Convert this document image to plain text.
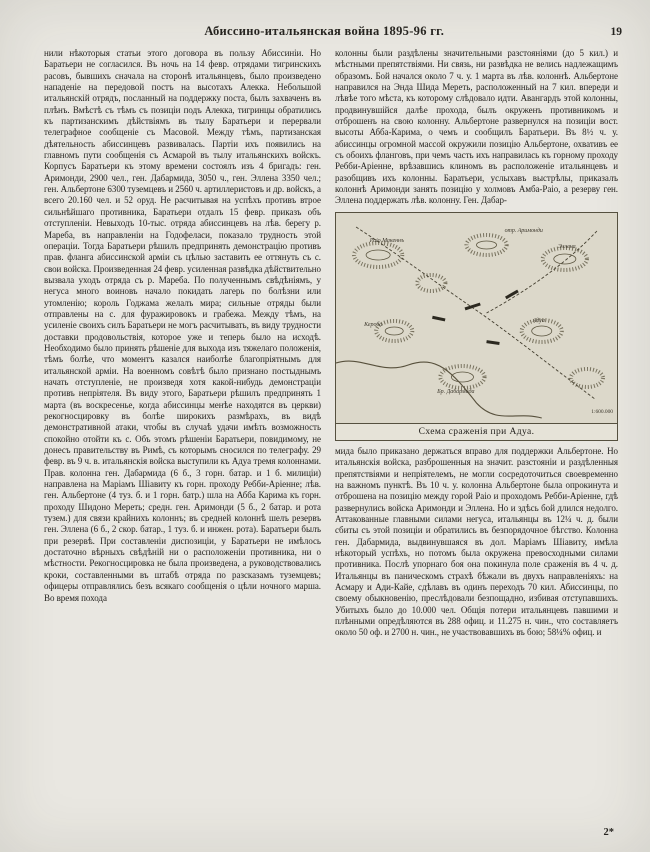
Абиссино-итальянская война 1895-96 гг.	19
нили нѣкоторыя статьи этого договора въ пользу Абиссиніи. Но Баратьери не согласился. Въ ночь на 14 февр. отрядами тигринскихъ расовъ, бывшихъ сначала на сторонѣ итальянцевъ, было произведено нападеніе на передовой постъ на высотахъ Алекка. Небольшой итальянскій отрядъ, посланный на поддержку поста, былъ захваченъ въ плѣнъ. Вмѣстѣ съ тѣмъ съ позиціи подъ Алекка, тигринцы обратились къ партизанскимъ дѣйствіямъ въ тылу Баратьери и перервали телеграфное сообщеніе съ Масовой. Между тѣмъ, партизанская дѣятельность абиссинцевъ развивалась. Партіи ихъ появились на главномъ пути сообщенія съ Асмарой въ тылу итальянскихъ войскъ. Корпусъ Баратьери къ этому времени состоялъ изъ 4 бригадъ: ген. Аримонди, 2900 чел., ген. Дабармида, 3050 ч., ген. Эллена 3350 чел.; ген. Альбертоне 6300 туземцевъ и 2560 ч. артиллеристовъ и др. войскъ, а всего 20.160 чел. и 52 оруд. Не расчитывая на успѣхъ противъ втрое сильнѣйшаго противника, Баратьери отдалъ 15 февр. приказъ объ отступленіи. Невыходъ 10-тыс. отряда абиссинцевъ на лѣв. берегу р. Мареба, въ направленіи на Годофеласи, показало трудность этой операціи. Тогда Баратьери рѣшилъ предпринять демонстрацію противъ прав. фланга абиссинской арміи съ цѣлью заставить ее оттянуть съ с. свои войска. Произведенная 24 февр. усиленная развѣдка дѣйствительно вызвала уходъ отряда съ р. Мареба. По полученнымъ свѣдѣніямъ, у негуса много воиновъ начало покидать лагерь по болѣзни или утомленію; король Годжама желалъ мира; сильные отряды были отправлены на с. для фуражировокъ и грабежа. Между тѣмъ, на усиленіе своихъ силъ Баратьери не могъ расчитывать, въ виду трудности доставки продовольствія, которое уже и теперь было на исходѣ. Необходимо было принять рѣшеніе для выхода изъ тяжелаго положенія, тѣмъ болѣе, что моментъ казался наиболѣе благопріятнымъ для итальянской арміи. На военномъ совѣтѣ было признано постыднымъ начать отступленіе, не произведя хотя какой-нибудь демонстраціи противъ непріятеля. Въ виду этого, Баратьери рѣшилъ предпринять 1 марта (въ воскресенье, когда абиссинцы менѣе находятся въ церкви) рекогносцировку въ болѣе широкихъ размѣрахъ, въ видѣ демонстративной атаки, чтобы въ случаѣ удачи имѣть возможность спокойно отойти къ с. Объ этомъ рѣшеніи Баратьери, повидимому, не донесъ правительству въ Римѣ, съ которымъ сносился по телеграфу. 29 февр. въ 9 ч. в. итальянскія войска выступили къ Адуа тремя колоннами. Прав. колонна ген. Дабармида (6 б., 3 горн. батар. и 1 б. милиціи) направлена на Маріамъ Шіавиту къ горн. проходу Ребби-Аріенне; лѣв. ген. Альбертоне (4 туз. б. и 1 горн. батр.) шла на Абба Карима къ горн. проходу Шидоно Мереть; средн. ген. Аримонди (5 б., 2 батар. и рота тузем.) для связи крайнихъ колоннъ; въ средней колоннѣ шелъ резервъ ген. Эллена (6 б., 2 скор. батар., 1 туз. б. и инжен. рота). Баратьери былъ при резервѣ. При составленіи диспозиціи, у Баратьери не имѣлось достаточно вѣрныхъ свѣдѣній ни о расположеніи противника, ни о мѣстности. Рекогносцировка не была произведена, а руководствовались кроки, составленными въ штабѣ отряда по разсказамъ туземцевъ; офицеры отправлялись безъ всякаго сообщенія о цѣли ночного марша. Во время похода
колонны были раздѣлены значительными разстояніями (до 5 кил.) и мѣстными препятствіями. Ни связь, ни развѣдка не велись надлежащимъ образомъ. Бой начался около 7 ч. у. 1 марта въ лѣв. колоннѣ. Альбертоне направился на Энда Шида Мереть, расположенный на 7 кил. впереди и лѣвѣе того мѣста, къ которому слѣдовало идти. Авангардъ этой колонны, продвинувшійся далѣе прохода, былъ окруженъ противникомъ и отброшенъ на свою колонну. Альбертоне развернулся на позиціи вост. высоты Абба-Карима, о чемъ и сообщилъ Баратьери. Въ 8½ ч. у. абиссинцы огромной массой окружили позицію Альбертоне, охвативъ ее съ обоихъ фланговъ, при чемъ часть ихъ направилась къ горному проходу Ребби-Аріенне, врѣзавшись клиномъ въ расположеніе итальянцевъ и разобщивъ ихъ колонны. Баратьери, услыхавъ выстрѣлы, приказалъ колоннѣ Аримонди занять позицію у холмовъ Амба-Раіо, а резерву ген. Эллена поддержать лѣв. колонну. Ген. Дабар-
Раіо Макеннъ
отр. Аримонди
Эллена
Адуа
Кероба
Бр. Дабармида
1:600.000
Схема сраженія при Адуа.
мида было приказано держаться вправо для поддержки Альбертоне. Но итальянскія войска, разброшенныя на значит. разстояніи и раздѣленныя препятствіями и непріятелемъ, не могли сосредоточиться своевременно на важномъ пунктѣ. Въ 10 ч. у. колонна Альбертоне была опрокинута и отброшена на позицію между горой Раіо и проходомъ Ребби-Аріенне, гдѣ развернулись войска Аримонди и Эллена. Но и здѣсь бой длился недолго. Аттакованные главными силами негуса, итальянцы въ 12¼ ч. д. были сбиты съ этой позиціи и обратились въ безпорядочное бѣгство. Колонна ген. Дабармида, выдвинувшаяся въ дол. Маріамъ Шіавиту, имѣла нѣкоторый успѣхъ, но потомъ была окружена превосходными силами противника. Послѣ упорнаго боя она покинула поле сраженія въ 4 ч. д. Итальянцы въ паническомъ страхѣ бѣжали въ двухъ направленіяхъ: на Асмару и Ади-Кайе, сдѣлавъ въ одинъ переходъ 70 кил. Абиссинцы, по своему обыкновенію, преслѣдовали безпощадно, избивая отступавшихъ. Убитыхъ было до 10.000 чел. Общія потери итальянцевъ павшими и плѣнными опредѣляются въ 288 офиц. и 11.275 н. чин., что составляетъ около 50 оф. и 2700 н. чин., не участвовавшихъ въ бою; 58¼% офиц. и
2*
